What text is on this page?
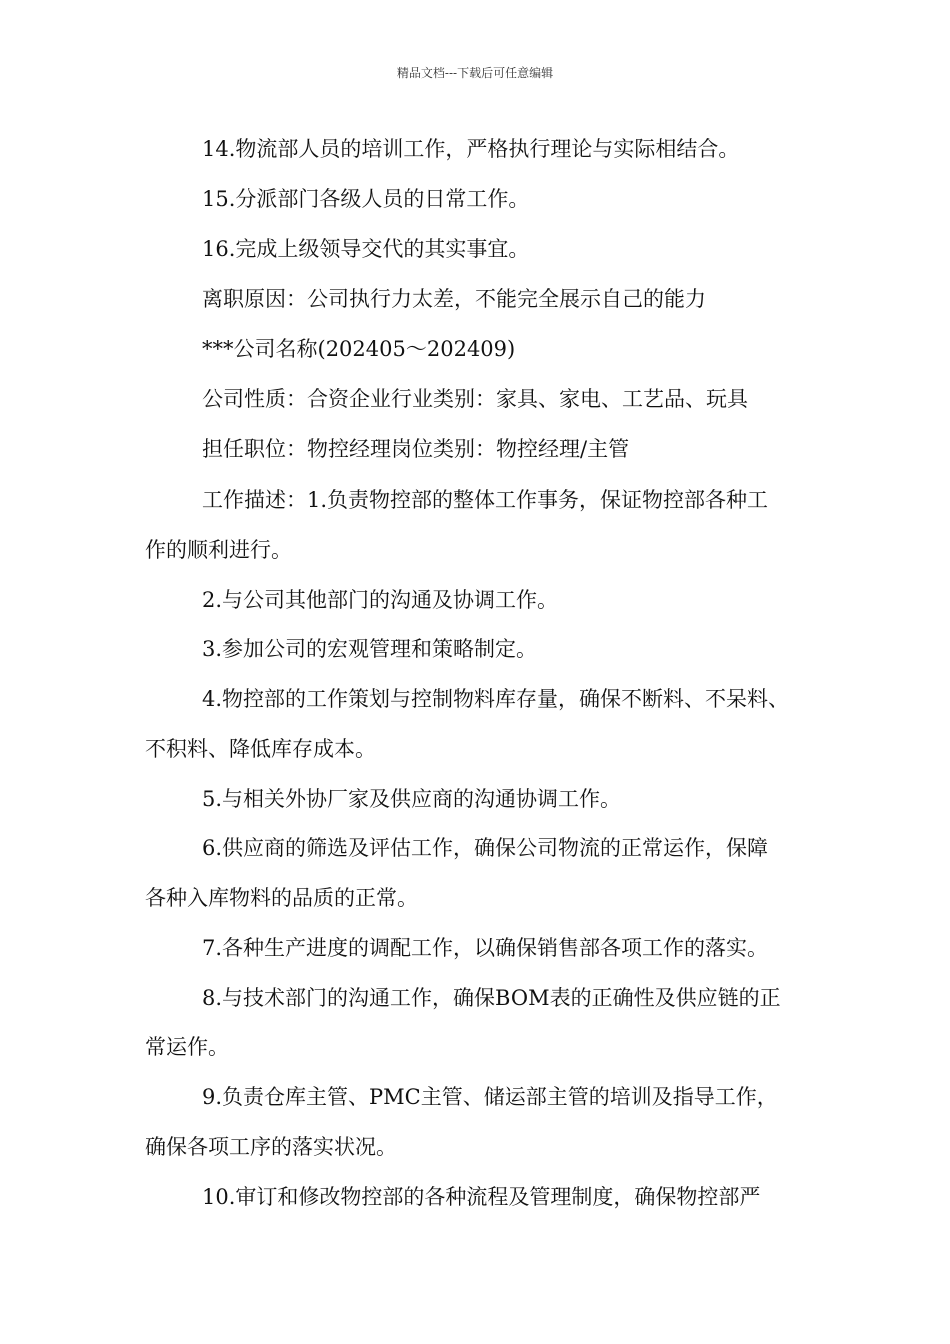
精品文档---下载后可任意编辑
14.物流部人员的培训工作，严格执行理论与实际相结合。
15.分派部门各级人员的日常工作。
16.完成上级领导交代的其实事宜。
离职原因：公司执行力太差，不能完全展示自己的能力
***公司名称(202405～202409)
公司性质：合资企业行业类别：家具、家电、工艺品、玩具
担任职位：物控经理岗位类别：物控经理/主管
工作描述：1.负责物控部的整体工作事务，保证物控部各种工
作的顺利进行。
2.与公司其他部门的沟通及协调工作。
3.参加公司的宏观管理和策略制定。
4.物控部的工作策划与控制物料库存量，确保不断料、不呆料、
不积料、降低库存成本。
5.与相关外协厂家及供应商的沟通协调工作。
6.供应商的筛选及评估工作，确保公司物流的正常运作，保障
各种入库物料的品质的正常。
7.各种生产进度的调配工作，以确保销售部各项工作的落实。
8.与技术部门的沟通工作，确保BOM表的正确性及供应链的正
常运作。
9.负责仓库主管、PMC主管、储运部主管的培训及指导工作，
确保各项工序的落实状况。
10.审订和修改物控部的各种流程及管理制度，确保物控部严
